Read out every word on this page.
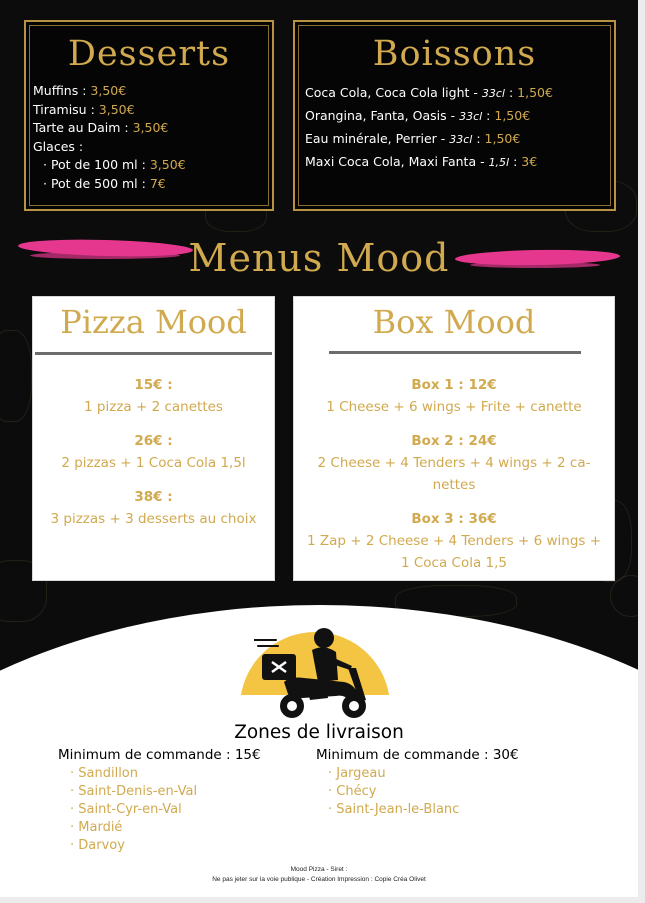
Desserts
Muffins : 3,50€
Tiramisu : 3,50€
Tarte au Daim : 3,50€
Glaces :
· Pot de 100 ml : 3,50€
· Pot de 500 ml : 7€
Boissons
Coca Cola, Coca Cola light - 33cl : 1,50€
Orangina, Fanta, Oasis - 33cl : 1,50€
Eau minérale, Perrier - 33cl : 1,50€
Maxi Coca Cola, Maxi Fanta - 1,5l : 3€
Menus Mood
Pizza Mood
15€ :
1 pizza + 2 canettes
26€ :
2 pizzas + 1 Coca Cola 1,5l
38€ :
3 pizzas + 3 desserts au choix
Box Mood
Box 1 : 12€
1 Cheese + 6 wings + Frite + canette
Box 2 : 24€
2 Cheese + 4 Tenders + 4 wings + 2 ca-
nettes
Box 3 : 36€
1 Zap + 2 Cheese + 4 Tenders + 6 wings +
1 Coca Cola 1,5
Zones de livraison
Minimum de commande : 15€
· Sandillon
· Saint-Denis-en-Val
· Saint-Cyr-en-Val
· Mardié
· Darvoy
Minimum de commande : 30€
· Jargeau
· Chécy
· Saint-Jean-le-Blanc
Mood Pizza - Siret :
Ne pas jeter sur la voie publique - Création Impression : Copie Créa Olivet
